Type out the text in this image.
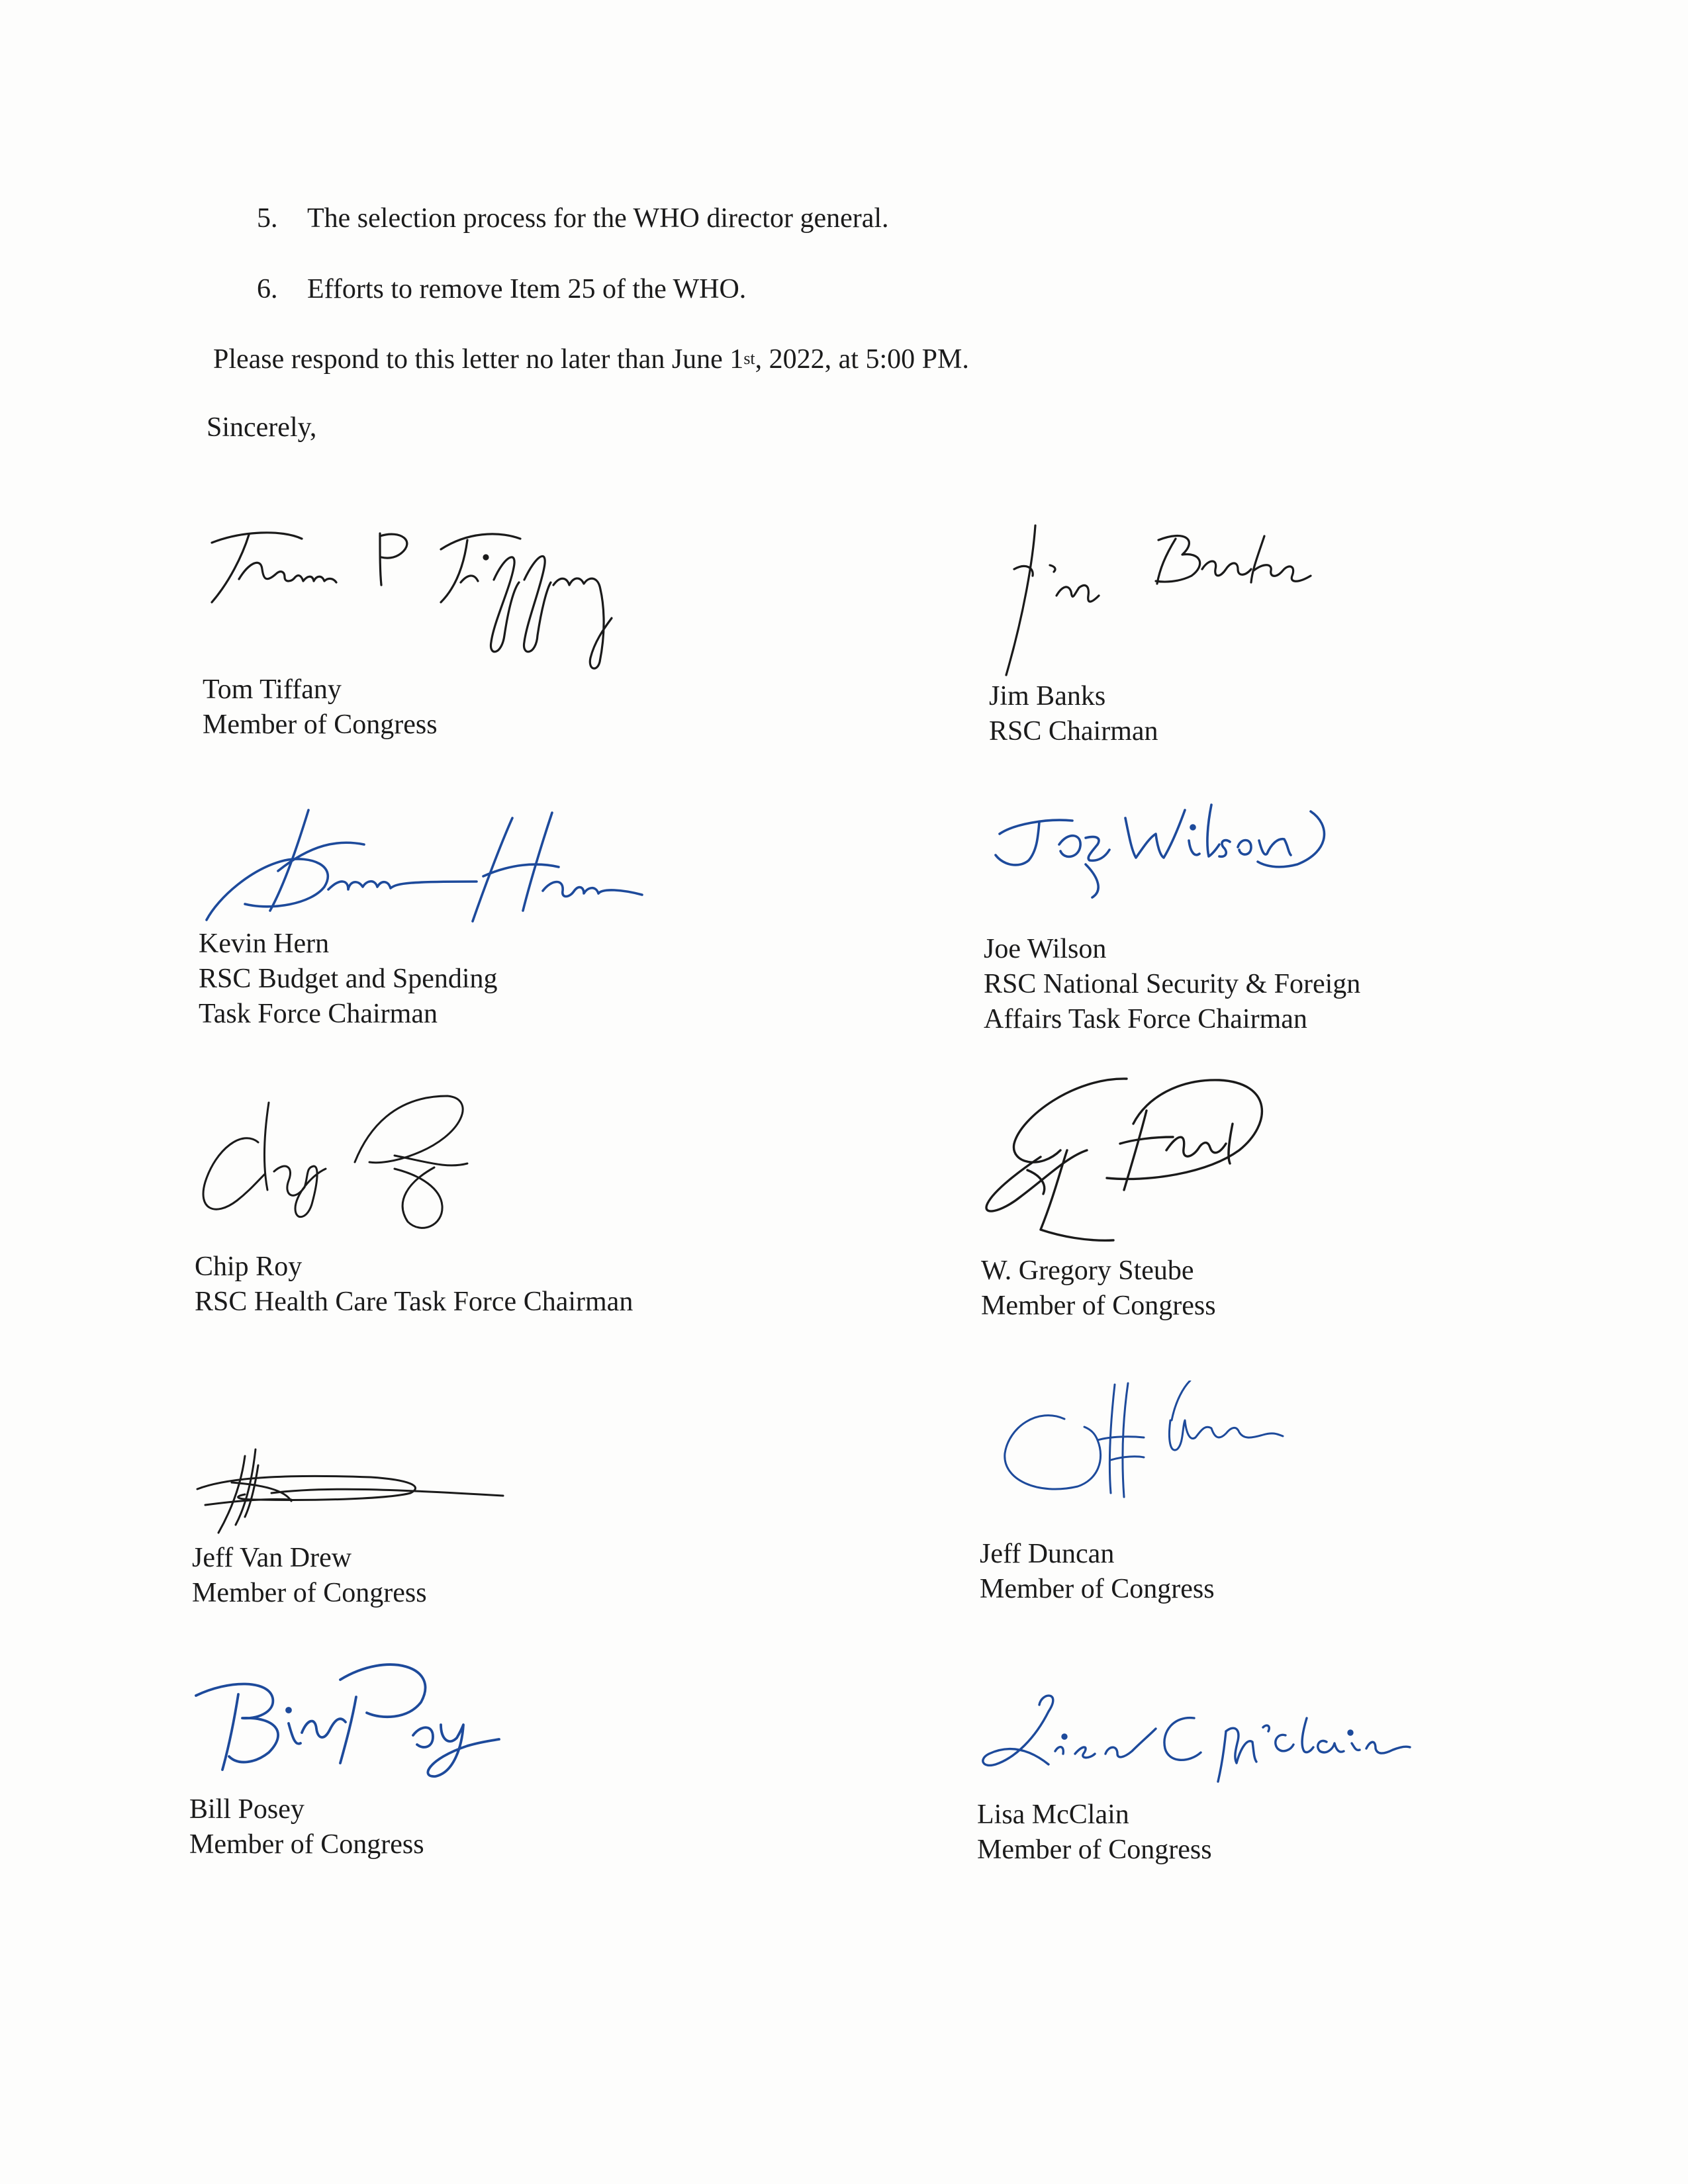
5. The selection process for the WHO director general.
6. Efforts to remove Item 25 of the WHO.
Please respond to this letter no later than June 1st, 2022, at 5:00 PM.
Sincerely,
Tom Tiffany
Member of Congress
Kevin Hern
RSC Budget and Spending
Task Force Chairman
Chip Roy
RSC Health Care Task Force Chairman
Jeff Van Drew
Member of Congress
Bill Posey
Member of Congress
Jim Banks
RSC Chairman
Joe Wilson
RSC National Security & Foreign
Affairs Task Force Chairman
W. Gregory Steube
Member of Congress
Jeff Duncan
Member of Congress
Lisa McClain
Member of Congress
